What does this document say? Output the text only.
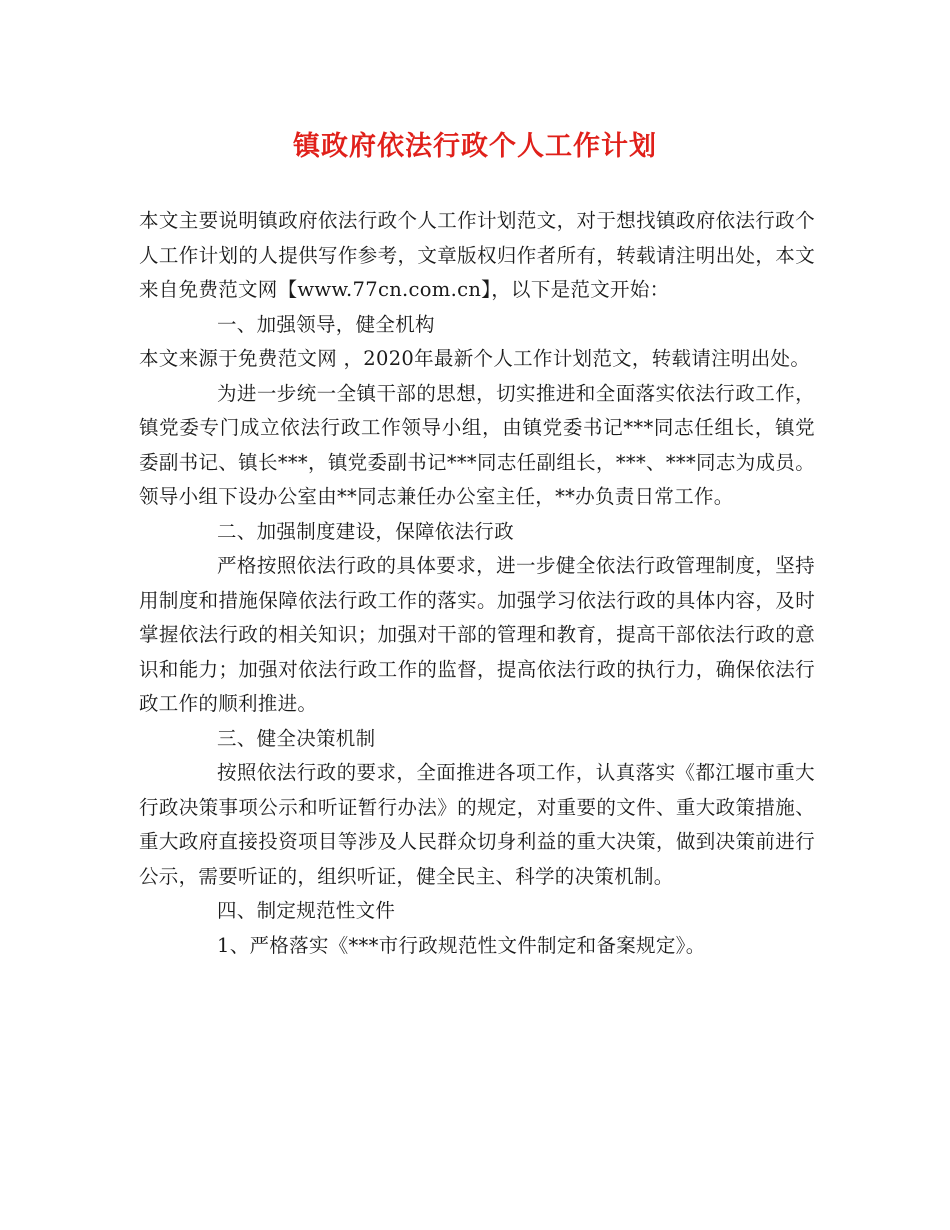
镇政府依法行政个人工作计划

本文主要说明镇政府依法行政个人工作计划范文，对于想找镇政府依法行政个人工作计划的人提供写作参考，文章版权归作者所有，转载请注明出处，本文来自免费范文网【www.77cn.com.cn】，以下是范文开始：

一、加强领导，健全机构

本文来源于免费范文网 ，2020年最新个人工作计划范文，转载请注明出处。

为进一步统一全镇干部的思想，切实推进和全面落实依法行政工作，镇党委专门成立依法行政工作领导小组，由镇党委书记***同志任组长，镇党委副书记、镇长***，镇党委副书记***同志任副组长，***、***同志为成员。领导小组下设办公室由**同志兼任办公室主任，**办负责日常工作。

二、加强制度建设，保障依法行政

严格按照依法行政的具体要求，进一步健全依法行政管理制度，坚持用制度和措施保障依法行政工作的落实。加强学习依法行政的具体内容，及时掌握依法行政的相关知识；加强对干部的管理和教育，提高干部依法行政的意识和能力；加强对依法行政工作的监督，提高依法行政的执行力，确保依法行政工作的顺利推进。

三、健全决策机制

按照依法行政的要求，全面推进各项工作，认真落实《都江堰市重大行政决策事项公示和听证暂行办法》的规定，对重要的文件、重大政策措施、重大政府直接投资项目等涉及人民群众切身利益的重大决策，做到决策前进行公示，需要听证的，组织听证，健全民主、科学的决策机制。

四、制定规范性文件

1、严格落实《***市行政规范性文件制定和备案规定》。
